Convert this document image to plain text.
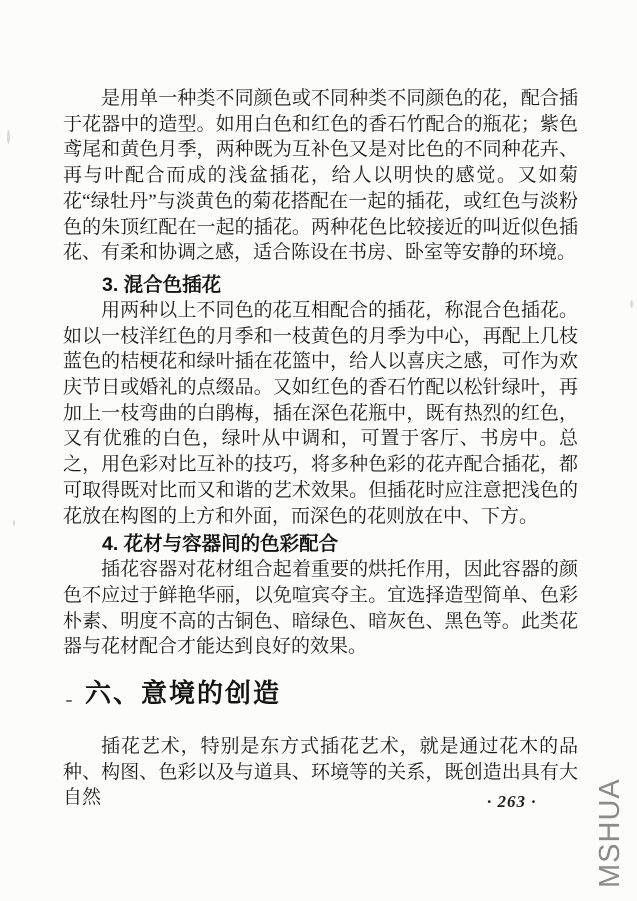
是用单一种类不同颜色或不同种类不同颜色的花，配合插于花器中的造型。如用白色和红色的香石竹配合的瓶花；紫色鸢尾和黄色月季，两种既为互补色又是对比色的不同种花卉、再与叶配合而成的浅盆插花，给人以明快的感觉。又如菊花“绿牡丹”与淡黄色的菊花搭配在一起的插花，或红色与淡粉色的朱顶红配在一起的插花。两种花色比较接近的叫近似色插花、有柔和协调之感，适合陈设在书房、卧室等安静的环境。

3. 混合色插花

用两种以上不同色的花互相配合的插花，称混合色插花。如以一枝洋红色的月季和一枝黄色的月季为中心，再配上几枝蓝色的桔梗花和绿叶插在花篮中，给人以喜庆之感，可作为欢庆节日或婚礼的点缀品。又如红色的香石竹配以松针绿叶，再加上一枝弯曲的白鹃梅，插在深色花瓶中，既有热烈的红色，又有优雅的白色，绿叶从中调和，可置于客厅、书房中。总之，用色彩对比互补的技巧，将多种色彩的花卉配合插花，都可取得既对比而又和谐的艺术效果。但插花时应注意把浅色的花放在构图的上方和外面，而深色的花则放在中、下方。

4. 花材与容器间的色彩配合

插花容器对花材组合起着重要的烘托作用，因此容器的颜色不应过于鲜艳华丽，以免喧宾夺主。宜选择造型简单、色彩朴素、明度不高的古铜色、暗绿色、暗灰色、黑色等。此类花器与花材配合才能达到良好的效果。

六、意境的创造

插花艺术，特别是东方式插花艺术，就是通过花木的品种、构图、色彩以及与道具、环境等的关系，既创造出具有大自然	· 263 · MSHUA
